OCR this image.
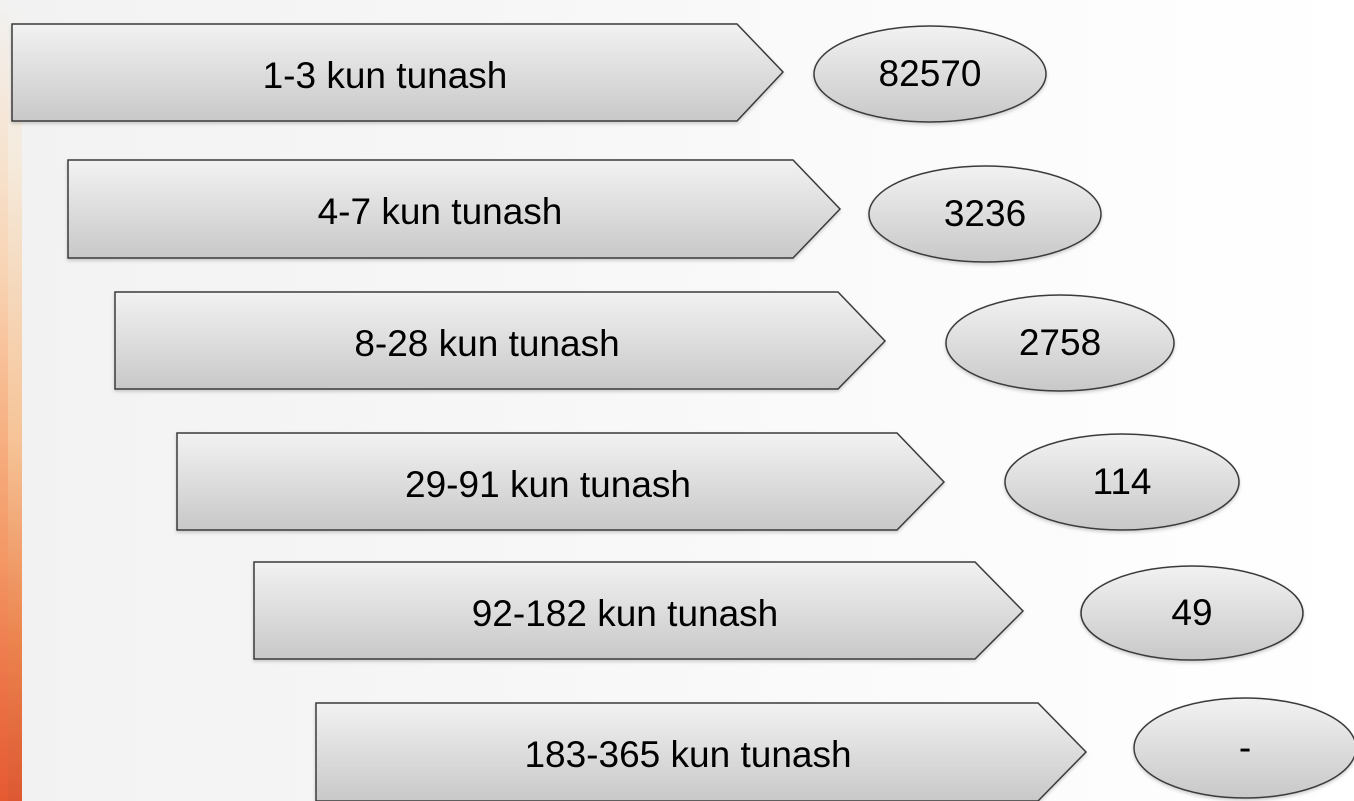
1-3 kun tunash	82570
4-7 kun tunash	3236
8-28 kun tunash	2758
29-91 kun tunash	114
92-182 kun tunash	49
183-365 kun tunash	-
